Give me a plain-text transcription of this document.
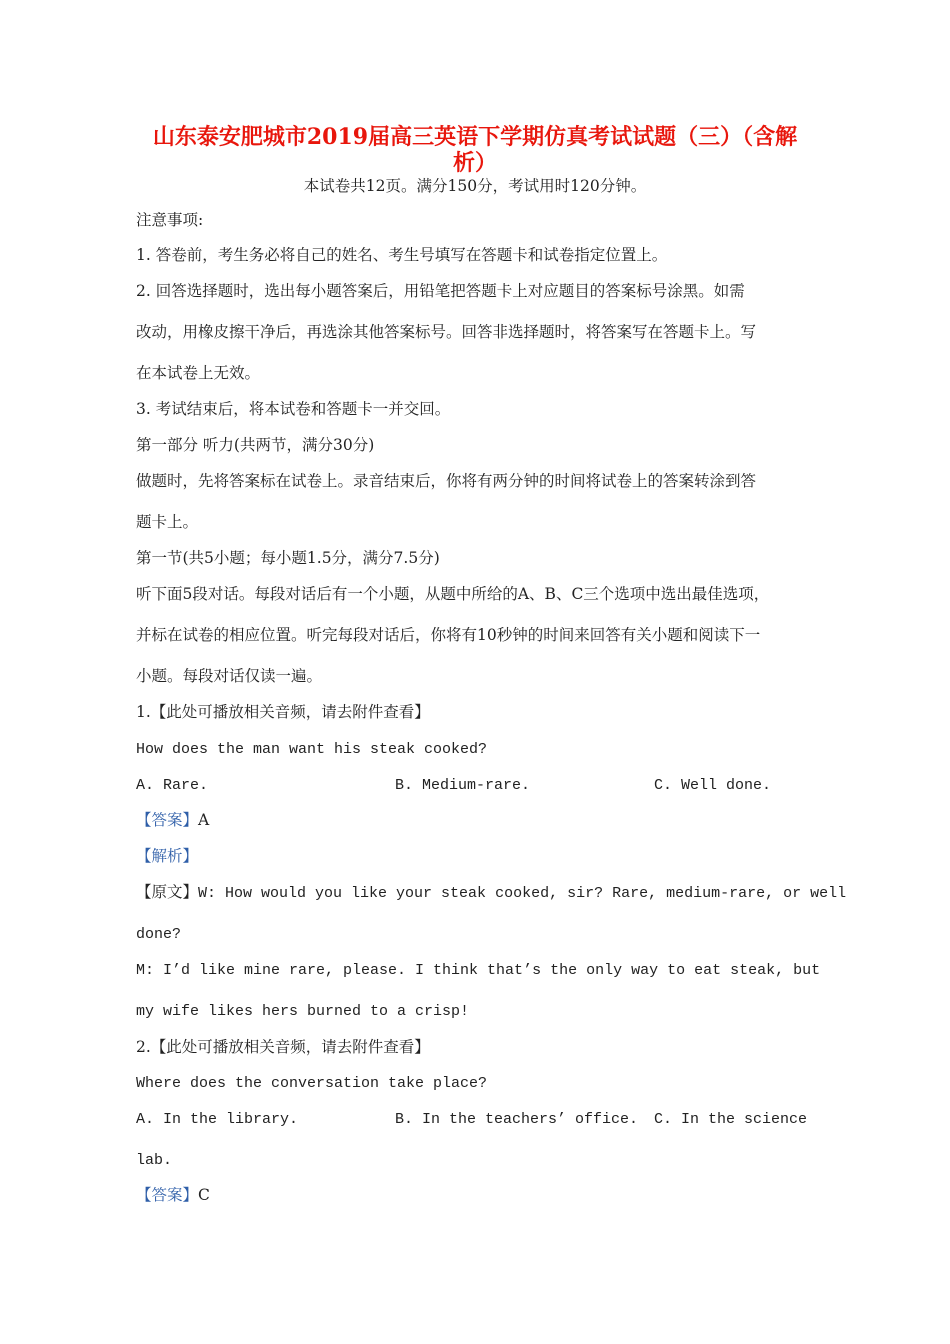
山东泰安肥城市2019届高三英语下学期仿真考试试题（三）（含解
析）
本试卷共12页。满分150分，考试用时120分钟。
注意事项:
1. 答卷前，考生务必将自己的姓名、考生号填写在答题卡和试卷指定位置上。
2. 回答选择题时，选出每小题答案后，用铅笔把答题卡上对应题目的答案标号涂黑。如需
改动，用橡皮擦干净后，再选涂其他答案标号。回答非选择题时，将答案写在答题卡上。写
在本试卷上无效。
3. 考试结束后，将本试卷和答题卡一并交回。
第一部分 听力(共两节，满分30分)
做题时，先将答案标在试卷上。录音结束后，你将有两分钟的时间将试卷上的答案转涂到答
题卡上。
第一节(共5小题；每小题1.5分，满分7.5分)
听下面5段对话。每段对话后有一个小题，从题中所给的A、B、C三个选项中选出最佳选项，
并标在试卷的相应位置。听完每段对话后，你将有10秒钟的时间来回答有关小题和阅读下一
小题。每段对话仅读一遍。
1.【此处可播放相关音频，请去附件查看】
How does the man want his steak cooked?
A. Rare.	B. Medium-rare.	C. Well done.
【答案】A
【解析】
【原文】W: How would you like your steak cooked, sir? Rare, medium-rare, or well
done?
M: I’d like mine rare, please. I think that’s the only way to eat steak, but
my wife likes hers burned to a crisp!
2.【此处可播放相关音频，请去附件查看】
Where does the conversation take place?
A. In the library.	B. In the teachers’ office. C. In the science
lab.
【答案】C
